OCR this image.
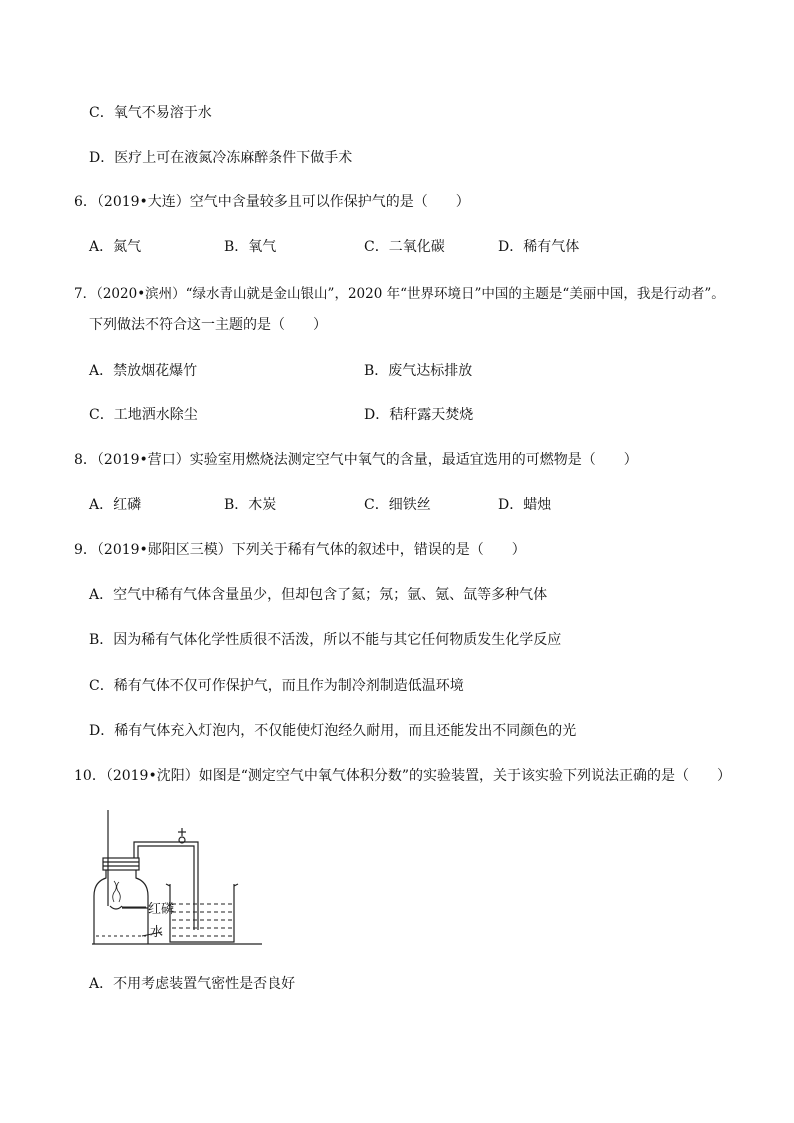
C．氧气不易溶于水
D．医疗上可在液氮冷冻麻醉条件下做手术
6．（2019•大连）空气中含量较多且可以作保护气的是（　　）
A．氮气	B．氧气	C．二氧化碳	D．稀有气体
7．（2020•滨州）“绿水青山就是金山银山”，2020 年“世界环境日”中国的主题是“美丽中国，我是行动者”。
下列做法不符合这一主题的是（　　）
A．禁放烟花爆竹	B．废气达标排放
C．工地洒水除尘	D．秸秆露天焚烧
8．（2019•营口）实验室用燃烧法测定空气中氧气的含量，最适宜选用的可燃物是（　　）
A．红磷	B．木炭	C．细铁丝	D．蜡烛
9．（2019•郧阳区三模）下列关于稀有气体的叙述中，错误的是（　　）
A．空气中稀有气体含量虽少，但却包含了氦；氖；氩、氪、氙等多种气体
B．因为稀有气体化学性质很不活泼，所以不能与其它任何物质发生化学反应
C．稀有气体不仅可作保护气，而且作为制冷剂制造低温环境
D．稀有气体充入灯泡内，不仅能使灯泡经久耐用，而且还能发出不同颜色的光
10．（2019•沈阳）如图是“测定空气中氧气体积分数”的实验装置，关于该实验下列说法正确的是（　　）
红磷
水
A．不用考虑装置气密性是否良好
